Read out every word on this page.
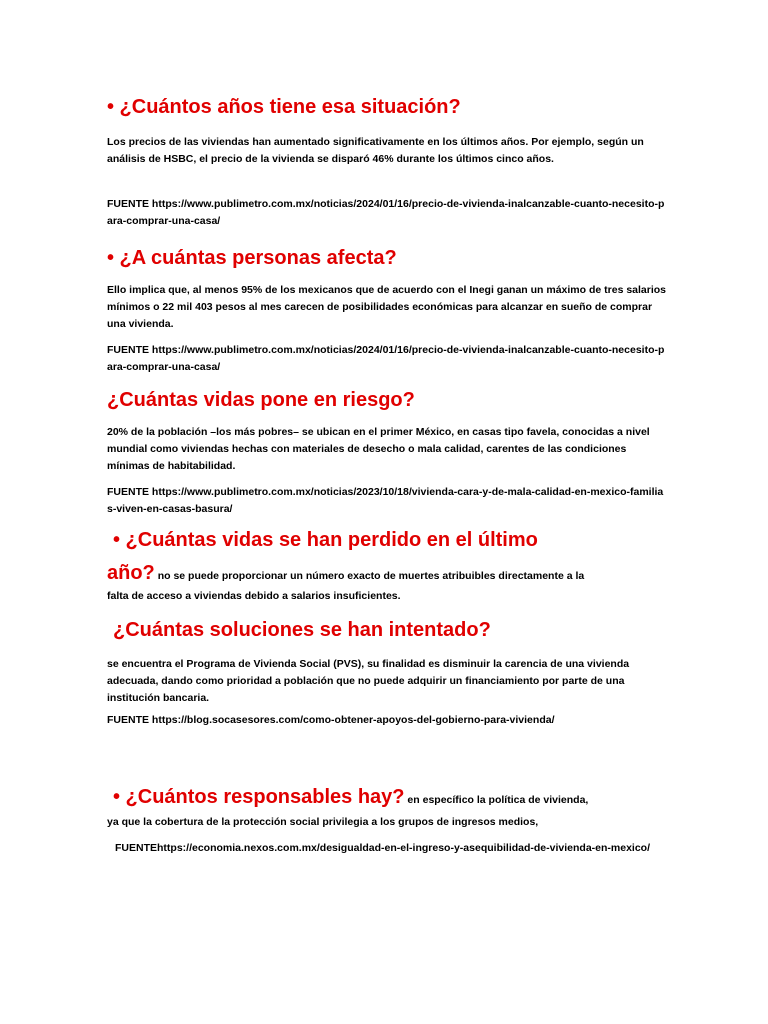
• ¿Cuántos años tiene esa situación?

Los precios de las viviendas han aumentado significativamente en los últimos años. Por ejemplo, según un análisis de HSBC, el precio de la vivienda se disparó 46% durante los últimos cinco años.

FUENTE https://www.publimetro.com.mx/noticias/2024/01/16/precio-de-vivienda-inalcanzable-cuanto-necesito-para-comprar-una-casa/

• ¿A cuántas personas afecta?

Ello implica que, al menos 95% de los mexicanos que de acuerdo con el Inegi ganan un máximo de tres salarios mínimos o 22 mil 403 pesos al mes carecen de posibilidades económicas para alcanzar en sueño de comprar una vivienda.

FUENTE https://www.publimetro.com.mx/noticias/2024/01/16/precio-de-vivienda-inalcanzable-cuanto-necesito-para-comprar-una-casa/

¿Cuántas vidas pone en riesgo?

20% de la población –los más pobres– se ubican en el primer México, en casas tipo favela, conocidas a nivel mundial como viviendas hechas con materiales de desecho o mala calidad, carentes de las condiciones mínimas de habitabilidad.

FUENTE https://www.publimetro.com.mx/noticias/2023/10/18/vivienda-cara-y-de-mala-calidad-en-mexico-familias-viven-en-casas-basura/

• ¿Cuántas vidas se han perdido en el último
año? no se puede proporcionar un número exacto de muertes atribuibles directamente a la

falta de acceso a viviendas debido a salarios insuficientes.

¿Cuántas soluciones se han intentado?

se encuentra el Programa de Vivienda Social (PVS), su finalidad es disminuir la carencia de una vivienda adecuada, dando como prioridad a población que no puede adquirir un financiamiento por parte de una institución bancaria.

FUENTE https://blog.socasesores.com/como-obtener-apoyos-del-gobierno-para-vivienda/

• ¿Cuántos responsables hay? en específico la política de vivienda,

ya que la cobertura de la protección social privilegia a los grupos de ingresos medios,

FUENTEhttps://economia.nexos.com.mx/desigualdad-en-el-ingreso-y-asequibilidad-de-vivienda-en-mexico/
